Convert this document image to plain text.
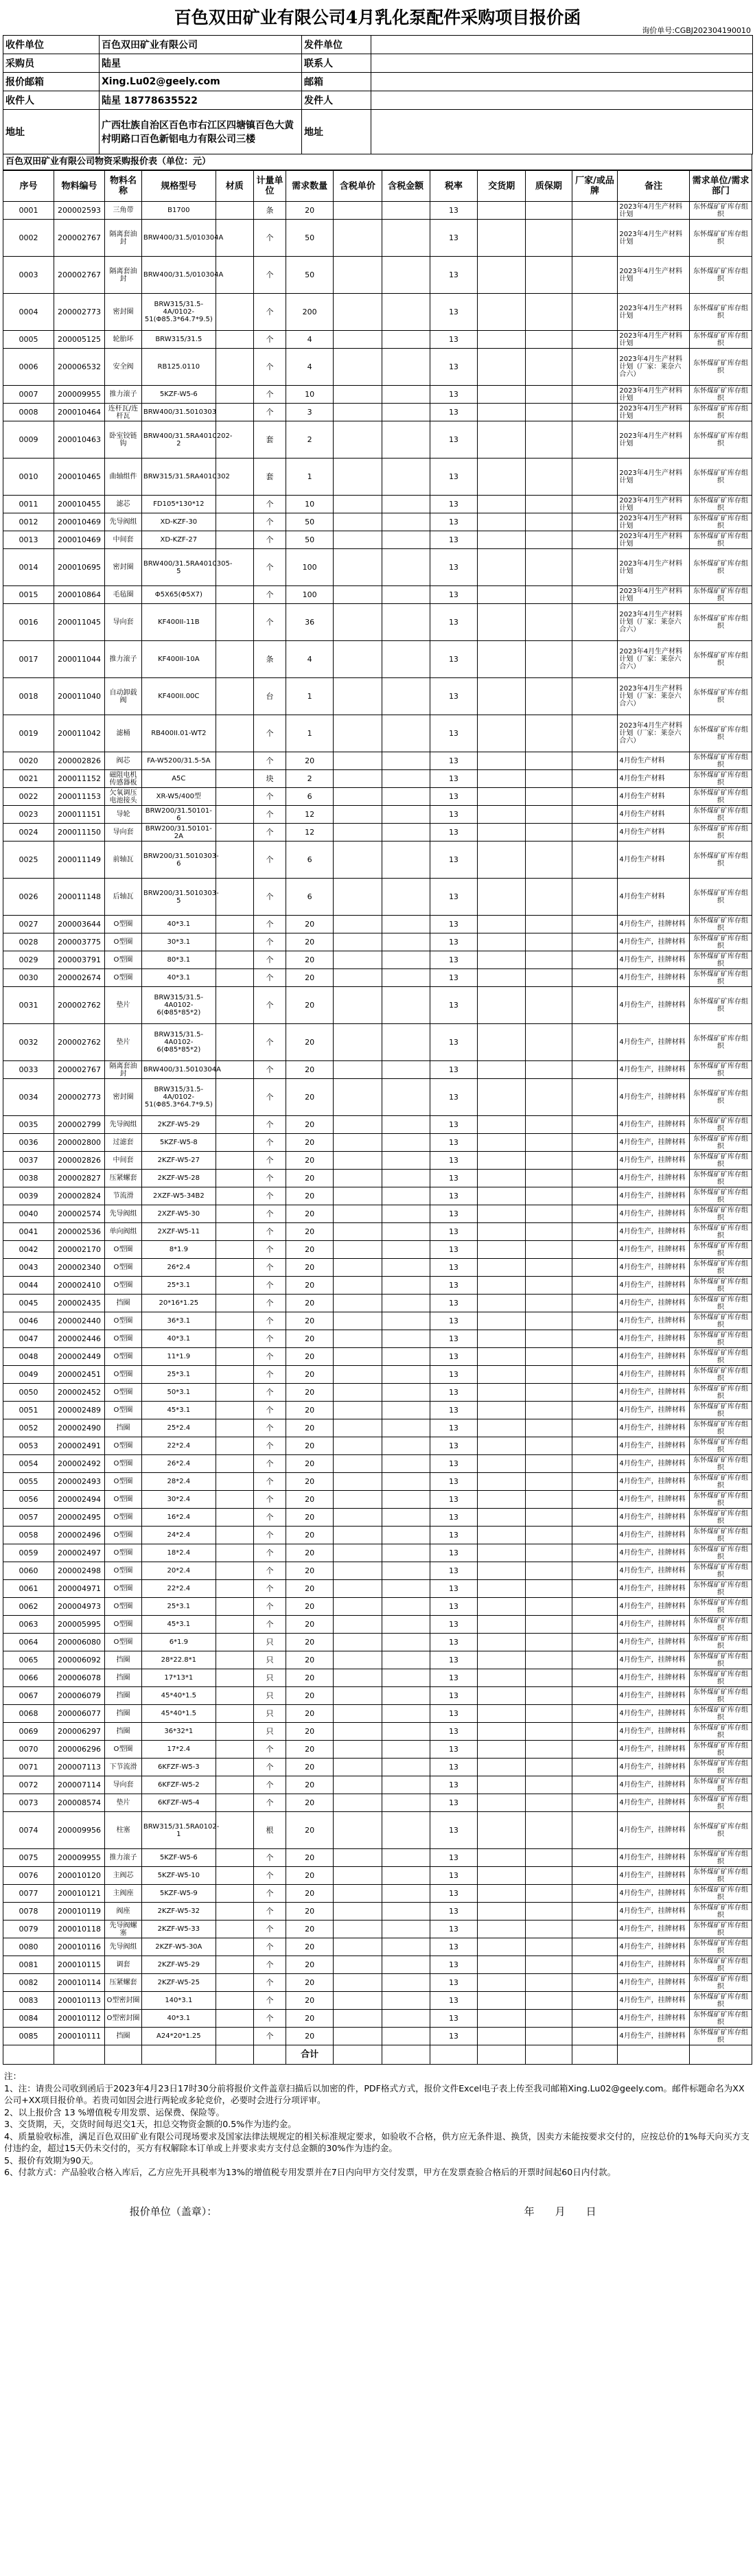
百色双田矿业有限公司4月乳化泵配件采购项目报价函
询价单号:CGBJ202304190010
收件单位	百色双田矿业有限公司	发件单位	
采购员	陆星	联系人	
报价邮箱	Xing.Lu02@geely.com	邮箱	
收件人	陆星 18778635522	发件人	
地址	广西壮族自治区百色市右江区四塘镇百色大黄村明路口百色新铝电力有限公司三楼	地址	
百色双田矿业有限公司物资采购报价表（单位：元）
序号	物料编号	物料名称	规格型号	材质	计量单位	需求数量	含税单价	含税金额	税率	交货期	质保期	厂家/或品牌	备注	需求单位/需求部门
0001	200002593	三角带	B1700		条	20			13				2023年4月生产材料计划	东怀煤矿矿库存组织
0002	200002767	隔离套油封	BRW400/31.5/010304A		个	50			13				2023年4月生产材料计划	东怀煤矿矿库存组织
0003	200002767	隔离套油封	BRW400/31.5/010304A		个	50			13				2023年4月生产材料计划	东怀煤矿矿库存组织
0004	200002773	密封圈	BRW315/31.5-4A/0102-51(Φ85.3*64.7*9.5)		个	200			13				2023年4月生产材料计划	东怀煤矿矿库存组织
0005	200005125	轮胎环	BRW315/31.5		个	4			13				2023年4月生产材料计划	东怀煤矿矿库存组织
0006	200006532	安全阀	RB125.0110		个	4			13				2023年4月生产材料计划（厂家：莱奈六合六）	东怀煤矿矿库存组织
0007	200009955	推力滚子	5KZF-W5-6		个	10			13				2023年4月生产材料计划	东怀煤矿矿库存组织
0008	200010464	连杆瓦/连杆瓦	BRW400/31.5010303		个	3			13				2023年4月生产材料计划	东怀煤矿矿库存组织
0009	200010463	卧室铰链钩	BRW400/31.5RA4010202-2		套	2			13				2023年4月生产材料计划	东怀煤矿矿库存组织
0010	200010465	曲轴组件	BRW315/31.5RA4010302		套	1			13				2023年4月生产材料计划	东怀煤矿矿库存组织
0011	200010455	滤芯	FD105*130*12		个	10			13				2023年4月生产材料计划	东怀煤矿矿库存组织
0012	200010469	先导阀组	XD-KZF-30		个	50			13				2023年4月生产材料计划	东怀煤矿矿库存组织
0013	200010469	中间套	XD-KZF-27		个	50			13				2023年4月生产材料计划	东怀煤矿矿库存组织
0014	200010695	密封圈	BRW400/31.5RA4010305-5		个	100			13				2023年4月生产材料计划	东怀煤矿矿库存组织
0015	200010864	毛毡圈	Φ5X65(Φ5X7)		个	100			13				2023年4月生产材料计划	东怀煤矿矿库存组织
0016	200011045	导向套	KF400II-11B		个	36			13				2023年4月生产材料计划（厂家：莱奈六合六）	东怀煤矿矿库存组织
0017	200011044	推力滚子	KF400II-10A		条	4			13				2023年4月生产材料计划（厂家：莱奈六合六）	东怀煤矿矿库存组织
0018	200011040	自动卸载阀	KF400II.00C		台	1			13				2023年4月生产材料计划（厂家：莱奈六合六）	东怀煤矿矿库存组织
0019	200011042	滤桶	RB400II.01-WT2		个	1			13				2023年4月生产材料计划（厂家：莱奈六合六）	东怀煤矿矿库存组织
0020	200002826	阀芯	FA-W5200/31.5-5A		个	20			13				4月份生产材料	东怀煤矿矿库存组织
0021	200011152	磁阻电机传感器板	A5C		块	2			13				4月份生产材料	东怀煤矿矿库存组织
0022	200011153	欠氧调压电池接头	XR-W5/400型		个	6			13				4月份生产材料	东怀煤矿矿库存组织
0023	200011151	导轮	BRW200/31.50101-6		个	12			13				4月份生产材料	东怀煤矿矿库存组织
0024	200011150	导向套	BRW200/31.50101-2A		个	12			13				4月份生产材料	东怀煤矿矿库存组织
0025	200011149	前轴瓦	BRW200/31.5010303-6		个	6			13				4月份生产材料	东怀煤矿矿库存组织
0026	200011148	后轴瓦	BRW200/31.5010303-5		个	6			13				4月份生产材料	东怀煤矿矿库存组织
0027	200003644	O型圈	40*3.1		个	20			13				4月份生产，挂牌材料	东怀煤矿矿库存组织
0028	200003775	O型圈	30*3.1		个	20			13				4月份生产，挂牌材料	东怀煤矿矿库存组织
0029	200003791	O型圈	80*3.1		个	20			13				4月份生产，挂牌材料	东怀煤矿矿库存组织
0030	200002674	O型圈	40*3.1		个	20			13				4月份生产，挂牌材料	东怀煤矿矿库存组织
0031	200002762	垫片	BRW315/31.5-4A0102-6(Φ85*85*2)		个	20			13				4月份生产，挂牌材料	东怀煤矿矿库存组织
0032	200002762	垫片	BRW315/31.5-4A0102-6(Φ85*85*2)		个	20			13				4月份生产，挂牌材料	东怀煤矿矿库存组织
0033	200002767	隔离套油封	BRW400/31.5010304A		个	20			13				4月份生产，挂牌材料	东怀煤矿矿库存组织
0034	200002773	密封圈	BRW315/31.5-4A/0102-51(Φ85.3*64.7*9.5)		个	20			13				4月份生产，挂牌材料	东怀煤矿矿库存组织
0035	200002799	先导阀组	2KZF-W5-29		个	20			13				4月份生产，挂牌材料	东怀煤矿矿库存组织
0036	200002800	过滤套	5KZF-W5-8		个	20			13				4月份生产，挂牌材料	东怀煤矿矿库存组织
0037	200002826	中间套	2KZF-W5-27		个	20			13				4月份生产，挂牌材料	东怀煤矿矿库存组织
0038	200002827	压紧螺套	2KZF-W5-28		个	20			13				4月份生产，挂牌材料	东怀煤矿矿库存组织
0039	200002824	节流滑	2XZF-W5-34B2		个	20			13				4月份生产，挂牌材料	东怀煤矿矿库存组织
0040	200002574	先导阀组	2XZF-W5-30		个	20			13				4月份生产，挂牌材料	东怀煤矿矿库存组织
0041	200002536	单向阀组	2XZF-W5-11		个	20			13				4月份生产，挂牌材料	东怀煤矿矿库存组织
0042	200002170	O型圈	8*1.9		个	20			13				4月份生产，挂牌材料	东怀煤矿矿库存组织
0043	200002340	O型圈	26*2.4		个	20			13				4月份生产，挂牌材料	东怀煤矿矿库存组织
0044	200002410	O型圈	25*3.1		个	20			13				4月份生产，挂牌材料	东怀煤矿矿库存组织
0045	200002435	挡圈	20*16*1.25		个	20			13				4月份生产，挂牌材料	东怀煤矿矿库存组织
0046	200002440	O型圈	36*3.1		个	20			13				4月份生产，挂牌材料	东怀煤矿矿库存组织
0047	200002446	O型圈	40*3.1		个	20			13				4月份生产，挂牌材料	东怀煤矿矿库存组织
0048	200002449	O型圈	11*1.9		个	20			13				4月份生产，挂牌材料	东怀煤矿矿库存组织
0049	200002451	O型圈	25*3.1		个	20			13				4月份生产，挂牌材料	东怀煤矿矿库存组织
0050	200002452	O型圈	50*3.1		个	20			13				4月份生产，挂牌材料	东怀煤矿矿库存组织
0051	200002489	O型圈	45*3.1		个	20			13				4月份生产，挂牌材料	东怀煤矿矿库存组织
0052	200002490	挡圈	25*2.4		个	20			13				4月份生产，挂牌材料	东怀煤矿矿库存组织
0053	200002491	O型圈	22*2.4		个	20			13				4月份生产，挂牌材料	东怀煤矿矿库存组织
0054	200002492	O型圈	26*2.4		个	20			13				4月份生产，挂牌材料	东怀煤矿矿库存组织
0055	200002493	O型圈	28*2.4		个	20			13				4月份生产，挂牌材料	东怀煤矿矿库存组织
0056	200002494	O型圈	30*2.4		个	20			13				4月份生产，挂牌材料	东怀煤矿矿库存组织
0057	200002495	O型圈	16*2.4		个	20			13				4月份生产，挂牌材料	东怀煤矿矿库存组织
0058	200002496	O型圈	24*2.4		个	20			13				4月份生产，挂牌材料	东怀煤矿矿库存组织
0059	200002497	O型圈	18*2.4		个	20			13				4月份生产，挂牌材料	东怀煤矿矿库存组织
0060	200002498	O型圈	20*2.4		个	20			13				4月份生产，挂牌材料	东怀煤矿矿库存组织
0061	200004971	O型圈	22*2.4		个	20			13				4月份生产，挂牌材料	东怀煤矿矿库存组织
0062	200004973	O型圈	25*3.1		个	20			13				4月份生产，挂牌材料	东怀煤矿矿库存组织
0063	200005995	O型圈	45*3.1		个	20			13				4月份生产，挂牌材料	东怀煤矿矿库存组织
0064	200006080	O型圈	6*1.9		只	20			13				4月份生产，挂牌材料	东怀煤矿矿库存组织
0065	200006092	挡圈	28*22.8*1		只	20			13				4月份生产，挂牌材料	东怀煤矿矿库存组织
0066	200006078	挡圈	17*13*1		只	20			13				4月份生产，挂牌材料	东怀煤矿矿库存组织
0067	200006079	挡圈	45*40*1.5		只	20			13				4月份生产，挂牌材料	东怀煤矿矿库存组织
0068	200006077	挡圈	45*40*1.5		只	20			13				4月份生产，挂牌材料	东怀煤矿矿库存组织
0069	200006297	挡圈	36*32*1		只	20			13				4月份生产，挂牌材料	东怀煤矿矿库存组织
0070	200006296	O型圈	17*2.4		个	20			13				4月份生产，挂牌材料	东怀煤矿矿库存组织
0071	200007113	下节流滑	6KFZF-W5-3		个	20			13				4月份生产，挂牌材料	东怀煤矿矿库存组织
0072	200007114	导向套	6KFZF-W5-2		个	20			13				4月份生产，挂牌材料	东怀煤矿矿库存组织
0073	200008574	垫片	6KFZF-W5-4		个	20			13				4月份生产，挂牌材料	东怀煤矿矿库存组织
0074	200009956	柱塞	BRW315/31.5RA0102-1		根	20			13				4月份生产，挂牌材料	东怀煤矿矿库存组织
0075	200009955	推力滚子	5KZF-W5-6		个	20			13				4月份生产，挂牌材料	东怀煤矿矿库存组织
0076	200010120	主阀芯	5KZF-W5-10		个	20			13				4月份生产，挂牌材料	东怀煤矿矿库存组织
0077	200010121	主阀座	5KZF-W5-9		个	20			13				4月份生产，挂牌材料	东怀煤矿矿库存组织
0078	200010119	阀座	2KZF-W5-32		个	20			13				4月份生产，挂牌材料	东怀煤矿矿库存组织
0079	200010118	先导阀螺塞	2KZF-W5-33		个	20			13				4月份生产，挂牌材料	东怀煤矿矿库存组织
0080	200010116	先导阀组	2KZF-W5-30A		个	20			13				4月份生产，挂牌材料	东怀煤矿矿库存组织
0081	200010115	调套	2KZF-W5-29		个	20			13				4月份生产，挂牌材料	东怀煤矿矿库存组织
0082	200010114	压紧螺套	2KZF-W5-25		个	20			13				4月份生产，挂牌材料	东怀煤矿矿库存组织
0083	200010113	O型密封圈	140*3.1		个	20			13				4月份生产，挂牌材料	东怀煤矿矿库存组织
0084	200010112	O型密封圈	40*3.1		个	20			13				4月份生产，挂牌材料	东怀煤矿矿库存组织
0085	200010111	挡圈	A24*20*1.25		个	20			13				4月份生产，挂牌材料	东怀煤矿矿库存组织
						合计								
注：
1、注：请贵公司收到函后于2023年4月23日17时30分前将报价文件盖章扫描后以加密的件，PDF格式方式，报价文件Excel电子表上传至我司邮箱Xing.Lu02@geely.com。邮件标题命名为XX公司+XX项目报价单。若贵司如因会进行两轮或多轮竞价，必要时会进行分项评审。
2、以上报价含 13 %增值税专用发票、运保费、保险等。
3、交货期，天，交货时间每迟交1天，扣总交物资金额的0.5%作为违约金。
4、质量验收标准，满足百色双田矿业有限公司现场要求及国家法律法规规定的相关标准规定要求，如验收不合格，供方应无条件退、换货，因卖方未能按要求交付的，应按总价的1%每天向买方支付违约金，超过15天仍未交付的，买方有权解除本订单或上并要求卖方支付总金额的30%作为违约金。
5、报价有效期为90天。
6、付款方式：产品验收合格入库后，乙方应先开具税率为13%的增值税专用发票并在7日内向甲方交付发票，甲方在发票查验合格后的开票时间起60日内付款。
报价单位（盖章）：	年　　月　　日
